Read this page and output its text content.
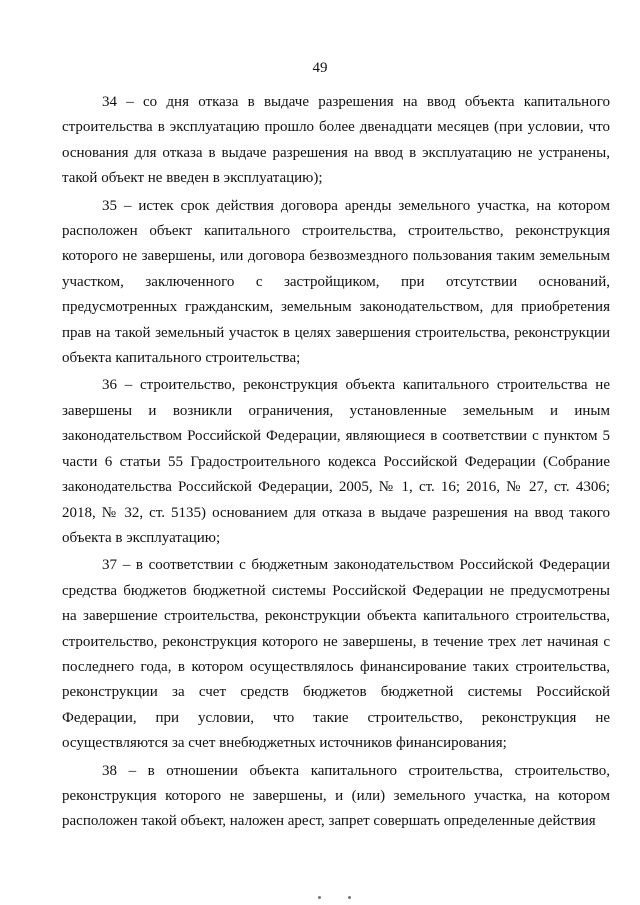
49

34 – со дня отказа в выдаче разрешения на ввод объекта капитального строительства в эксплуатацию прошло более двенадцати месяцев (при условии, что основания для отказа в выдаче разрешения на ввод в эксплуатацию не устранены, такой объект не введен в эксплуатацию);

35 – истек срок действия договора аренды земельного участка, на котором расположен объект капитального строительства, строительство, реконструкция которого не завершены, или договора безвозмездного пользования таким земельным участком, заключенного с застройщиком, при отсутствии оснований, предусмотренных гражданским, земельным законодательством, для приобретения прав на такой земельный участок в целях завершения строительства, реконструкции объекта капитального строительства;

36 – строительство, реконструкция объекта капитального строительства не завершены и возникли ограничения, установленные земельным и иным законодательством Российской Федерации, являющиеся в соответствии с пунктом 5 части 6 статьи 55 Градостроительного кодекса Российской Федерации (Собрание законодательства Российской Федерации, 2005, № 1, ст. 16; 2016, № 27, ст. 4306; 2018, № 32, ст. 5135) основанием для отказа в выдаче разрешения на ввод такого объекта в эксплуатацию;

37 – в соответствии с бюджетным законодательством Российской Федерации средства бюджетов бюджетной системы Российской Федерации не предусмотрены на завершение строительства, реконструкции объекта капитального строительства, строительство, реконструкция которого не завершены, в течение трех лет начиная с последнего года, в котором осуществлялось финансирование таких строительства, реконструкции за счет средств бюджетов бюджетной системы Российской Федерации, при условии, что такие строительство, реконструкция не осуществляются за счет внебюджетных источников финансирования;

38 – в отношении объекта капитального строительства, строительство, реконструкция которого не завершены, и (или) земельного участка, на котором расположен такой объект, наложен арест, запрет совершать определенные действия
